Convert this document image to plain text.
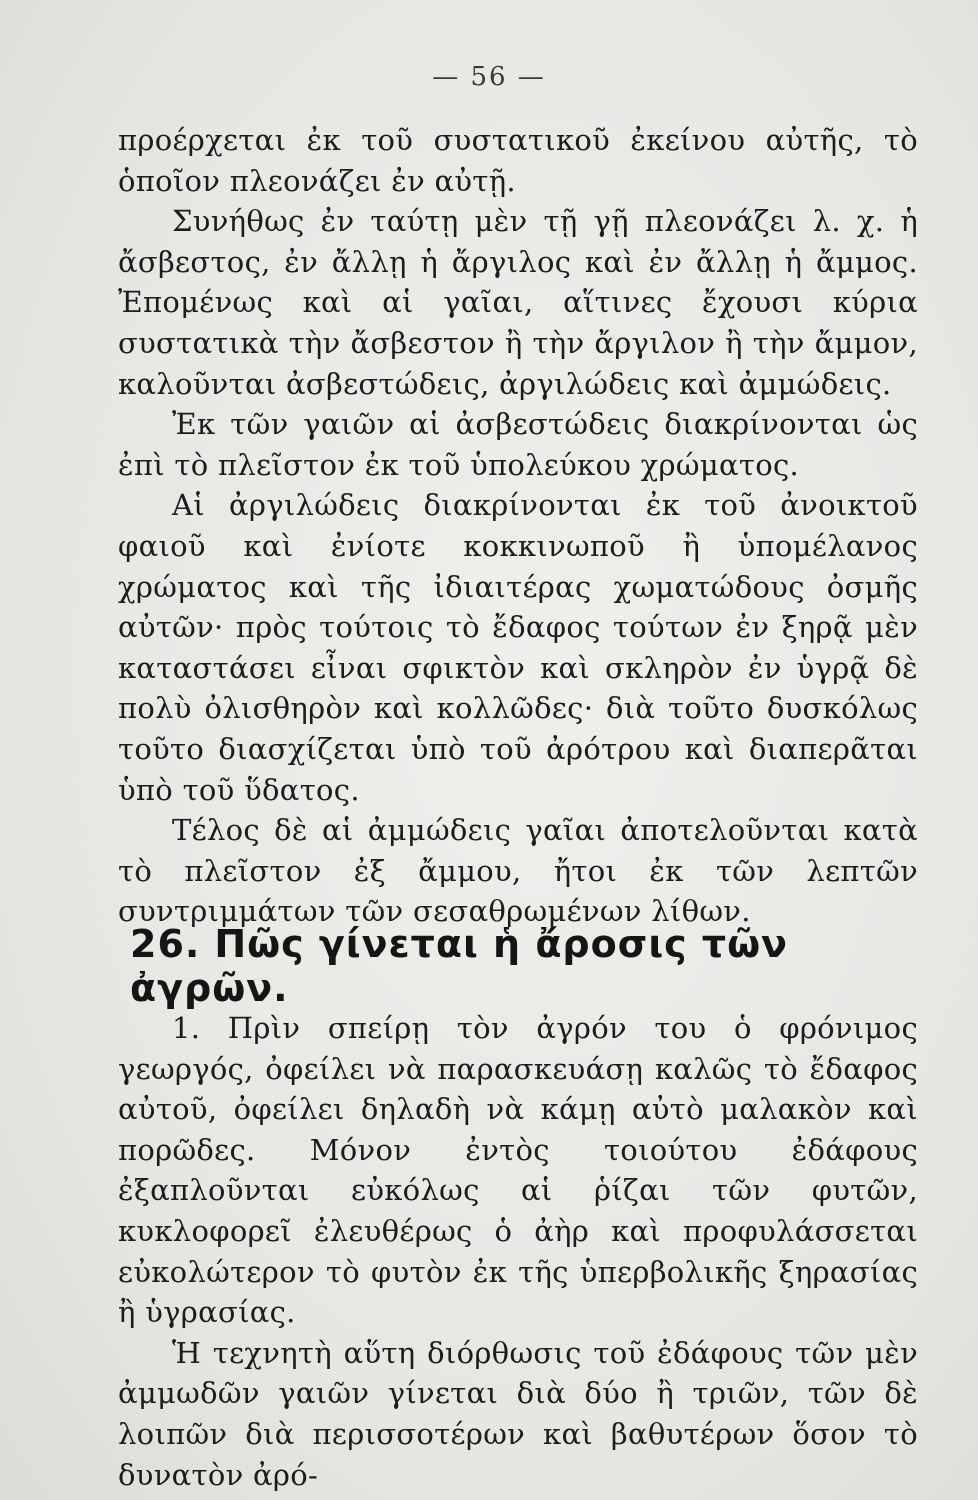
— 56 —

προέρχεται ἐκ τοῦ συστατικοῦ ἐκείνου αὐτῆς, τὸ ὁποῖον πλεονάζει ἐν αὐτῇ.

Συνήθως ἐν ταύτῃ μὲν τῇ γῇ πλεονάζει λ. χ. ἡ ἄσβεστος, ἐν ἄλλῃ ἡ ἄργιλος καὶ ἐν ἄλλῃ ἡ ἄμμος. Ἐπομένως καὶ αἱ γαῖαι, αἵτινες ἔχουσι κύρια συστατικὰ τὴν ἄσβεστον ἢ τὴν ἄργιλον ἢ τὴν ἄμμον, καλοῦνται ἀσβεστώδεις, ἀργιλώδεις καὶ ἀμμώδεις.

Ἐκ τῶν γαιῶν αἱ ἀσβεστώδεις διακρίνονται ὡς ἐπὶ τὸ πλεῖστον ἐκ τοῦ ὑπολεύκου χρώματος.

Αἱ ἀργιλώδεις διακρίνονται ἐκ τοῦ ἀνοικτοῦ φαιοῦ καὶ ἐνίοτε κοκκινωποῦ ἢ ὑπομέλανος χρώματος καὶ τῆς ἰδιαιτέρας χωματώδους ὀσμῆς αὐτῶν· πρὸς τούτοις τὸ ἔδαφος τούτων ἐν ξηρᾷ μὲν καταστάσει εἶναι σφικτὸν καὶ σκληρὸν ἐν ὑγρᾷ δὲ πολὺ ὀλισθηρὸν καὶ κολλῶδες· διὰ τοῦτο δυσκόλως τοῦτο διασχίζεται ὑπὸ τοῦ ἀρότρου καὶ διαπερᾶται ὑπὸ τοῦ ὕδατος.

Τέλος δὲ αἱ ἀμμώδεις γαῖαι ἀποτελοῦνται κατὰ τὸ πλεῖστον ἐξ ἄμμου, ἤτοι ἐκ τῶν λεπτῶν συντριμμάτων τῶν σεσαθρωμένων λίθων.

26. Πῶς γίνεται ἡ ἄροσις τῶν ἀγρῶν.

1. Πρὶν σπείρῃ τὸν ἀγρόν του ὁ φρόνιμος γεωργός, ὀφείλει νὰ παρασκευάσῃ καλῶς τὸ ἔδαφος αὐτοῦ, ὀφείλει δηλαδὴ νὰ κάμῃ αὐτὸ μαλακὸν καὶ πορῶδες. Μόνον ἐντὸς τοιούτου ἐδάφους ἐξαπλοῦνται εὐκόλως αἱ ῥίζαι τῶν φυτῶν, κυκλοφορεῖ ἐλευθέρως ὁ ἀὴρ καὶ προφυλάσσεται εὐκολώτερον τὸ φυτὸν ἐκ τῆς ὑπερβολικῆς ξηρασίας ἢ ὑγρασίας.

Ἡ τεχνητὴ αὕτη διόρθωσις τοῦ ἐδάφους τῶν μὲν ἀμμωδῶν γαιῶν γίνεται διὰ δύο ἢ τριῶν, τῶν δὲ λοιπῶν διὰ περισσοτέρων καὶ βαθυτέρων ὅσον τὸ δυνατὸν ἀρό-
